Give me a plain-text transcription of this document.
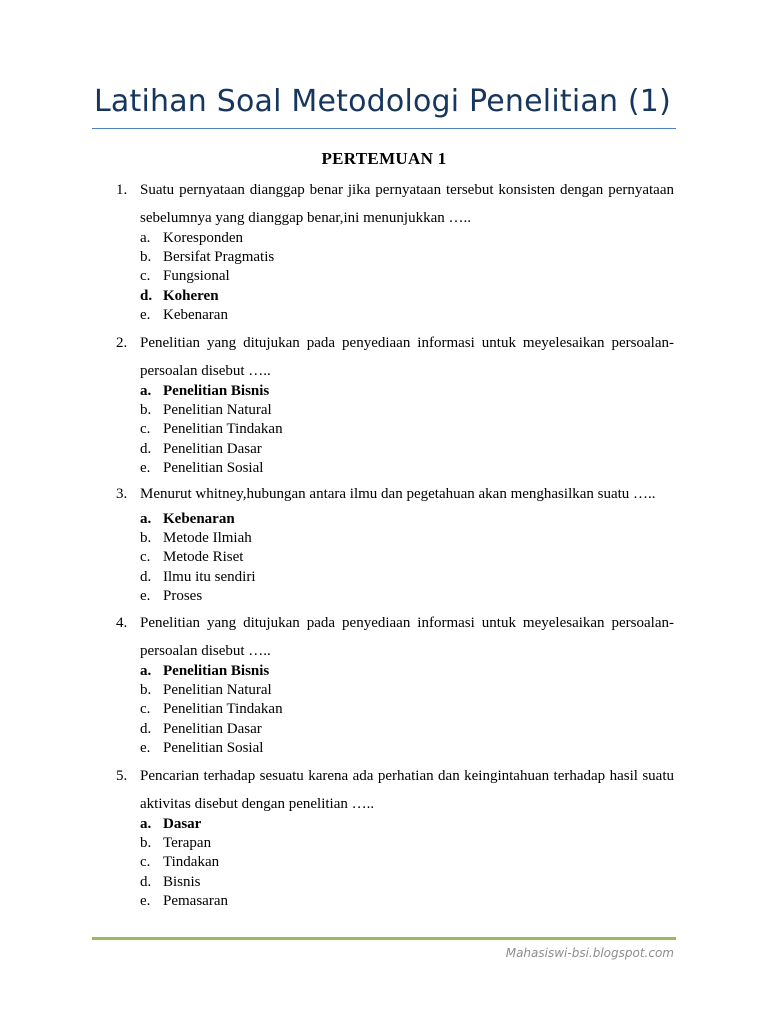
Latihan Soal Metodologi Penelitian (1)
PERTEMUAN 1
1. Suatu pernyataan dianggap benar jika pernyataan tersebut konsisten dengan pernyataan sebelumnya yang dianggap benar,ini menunjukkan …..
a. Koresponden
b. Bersifat Pragmatis
c. Fungsional
d. Koheren
e. Kebenaran
2. Penelitian yang ditujukan pada penyediaan informasi untuk meyelesaikan persoalan-persoalan disebut …..
a. Penelitian Bisnis
b. Penelitian Natural
c. Penelitian Tindakan
d. Penelitian Dasar
e. Penelitian Sosial
3. Menurut whitney,hubungan antara ilmu dan pegetahuan akan menghasilkan suatu …..
a. Kebenaran
b. Metode Ilmiah
c. Metode Riset
d. Ilmu itu sendiri
e. Proses
4. Penelitian yang ditujukan pada penyediaan informasi untuk meyelesaikan persoalan-persoalan disebut …..
a. Penelitian Bisnis
b. Penelitian Natural
c. Penelitian Tindakan
d. Penelitian Dasar
e. Penelitian Sosial
5. Pencarian terhadap sesuatu karena ada perhatian dan keingintahuan terhadap hasil suatu aktivitas disebut dengan penelitian …..
a. Dasar
b. Terapan
c. Tindakan
d. Bisnis
e. Pemasaran
Mahasiswi-bsi.blogspot.com
